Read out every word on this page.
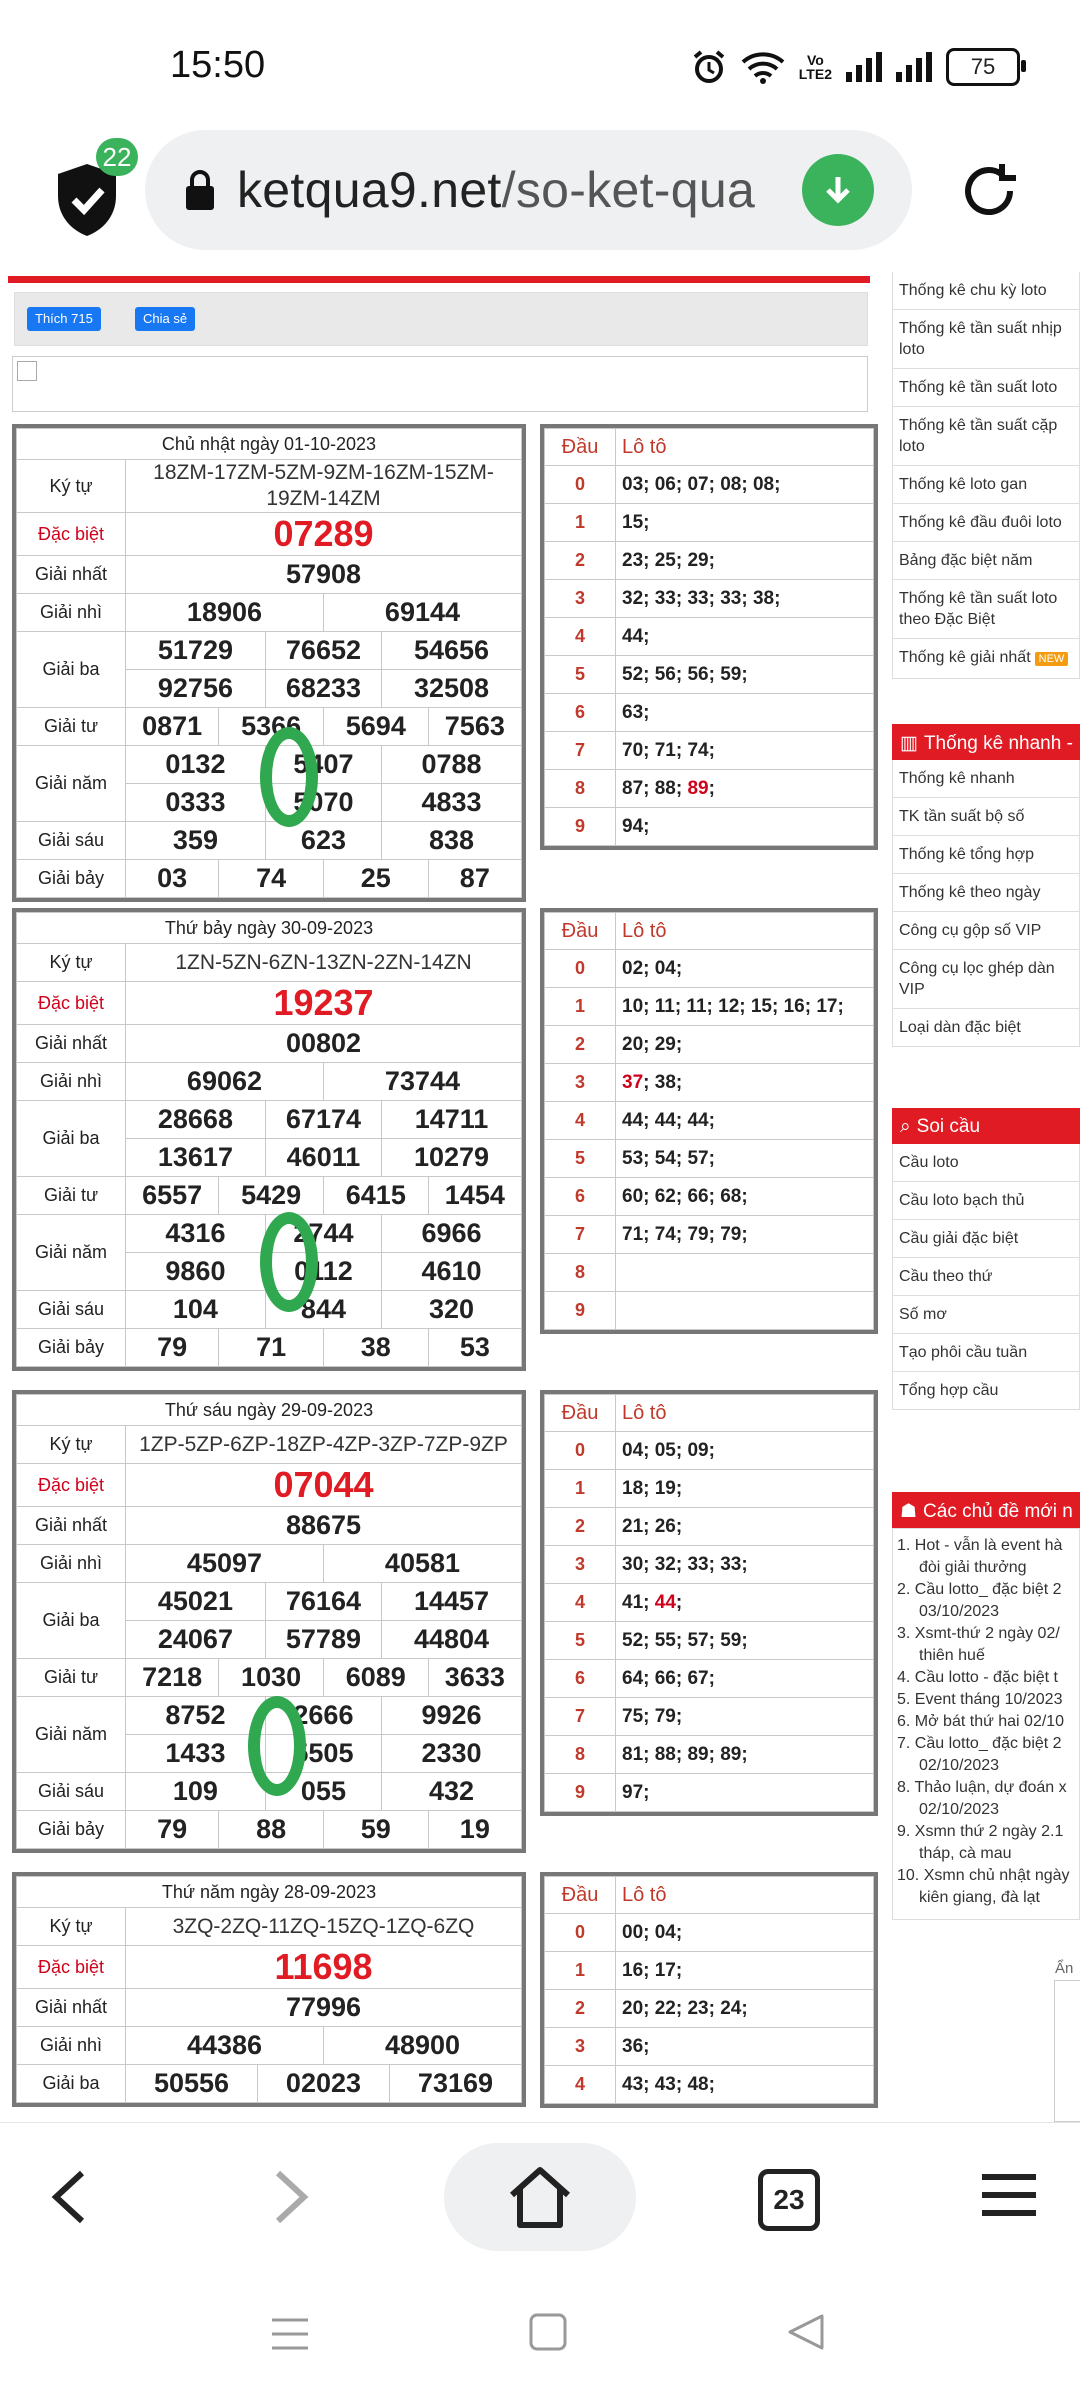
15:50	Vo
LTE2	75
22
ketqua9.net/so-ket-qua
Thích 715	Chia sẻ
Chủ nhật ngày 01-10-2023						
Ký tự	18ZM-17ZM-5ZM-9ZM-16ZM-15ZM-19ZM-14ZM					
Đặc biệt	07289					
Giải nhất	57908					
Giải nhì	18906			69144		
Giải ba	51729		76652		54656	
	92756		68233		32508	
Giải tư	0871	5366		5694		7563
Giải năm	0132		5407		0788	
	0333		5070		4833	
Giải sáu	359		623		838	
Giải bảy	03	74		25		87
Đầu	Lô tô
0	03; 06; 07; 08; 08;
1	15;
2	23; 25; 29;
3	32; 33; 33; 33; 38;
4	44;
5	52; 56; 56; 59;
6	63;
7	70; 71; 74;
8	87; 88; 89;
9	94;
Thứ bảy ngày 30-09-2023						
Ký tự	1ZN-5ZN-6ZN-13ZN-2ZN-14ZN					
Đặc biệt	19237					
Giải nhất	00802					
Giải nhì	69062			73744		
Giải ba	28668		67174		14711	
	13617		46011		10279	
Giải tư	6557	5429		6415		1454
Giải năm	4316		2744		6966	
	9860		0112		4610	
Giải sáu	104		844		320	
Giải bảy	79	71		38		53
Đầu	Lô tô
0	02; 04;
1	10; 11; 11; 12; 15; 16; 17;
2	20; 29;
3	37; 38;
4	44; 44; 44;
5	53; 54; 57;
6	60; 62; 66; 68;
7	71; 74; 79; 79;
8	
9	
Thứ sáu ngày 29-09-2023						
Ký tự	1ZP-5ZP-6ZP-18ZP-4ZP-3ZP-7ZP-9ZP					
Đặc biệt	07044					
Giải nhất	88675					
Giải nhì	45097			40581		
Giải ba	45021		76164		14457	
	24067		57789		44804	
Giải tư	7218	1030		6089		3633
Giải năm	8752		2666		9926	
	1433		5505		2330	
Giải sáu	109		055		432	
Giải bảy	79	88		59		19
Đầu	Lô tô
0	04; 05; 09;
1	18; 19;
2	21; 26;
3	30; 32; 33; 33;
4	41; 44;
5	52; 55; 57; 59;
6	64; 66; 67;
7	75; 79;
8	81; 88; 89; 89;
9	97;
Thứ năm ngày 28-09-2023				
Ký tự	3ZQ-2ZQ-11ZQ-15ZQ-1ZQ-6ZQ			
Đặc biệt	11698			
Giải nhất	77996			
Giải nhì	44386		48900	
Giải ba	50556	02023		73169
Đầu	Lô tô
0	00; 04;
1	16; 17;
2	20; 22; 23; 24;
3	36;
4	43; 43; 48;
Thống kê chu kỳ loto
Thống kê tần suất nhịp loto
Thống kê tần suất loto
Thống kê tần suất cặp loto
Thống kê loto gan
Thống kê đầu đuôi loto
Bảng đặc biệt năm
Thống kê tần suất loto theo Đặc Biệt
Thống kê giải nhất NEW
▥ Thống kê nhanh -
Thống kê nhanh
TK tần suất bộ số
Thống kê tổng hợp
Thống kê theo ngày
Công cụ gộp số VIP
Công cụ lọc ghép dàn VIP
Loại dàn đặc biệt
⌕ Soi cầu
Cầu loto
Cầu loto bạch thủ
Cầu giải đặc biệt
Cầu theo thứ
Số mơ
Tạo phôi cầu tuần
Tổng hợp cầu
☗ Các chủ đề mới n
1. Hot - vẫn là event hà
đòi giải thưởng
2. Cầu lotto_ đặc biệt 2
03/10/2023
3. Xsmt-thứ 2 ngày 02/
thiên huế
4. Cầu lotto - đặc biệt t
5. Event tháng 10/2023
6. Mở bát thứ hai 02/10
7. Cầu lotto_ đặc biệt 2
02/10/2023
8. Thảo luận, dự đoán x
02/10/2023
9. Xsmn thứ 2 ngày 2.1
tháp, cà mau
10. Xsmn chủ nhật ngày
kiên giang, đà lạt
Ẩn
23
